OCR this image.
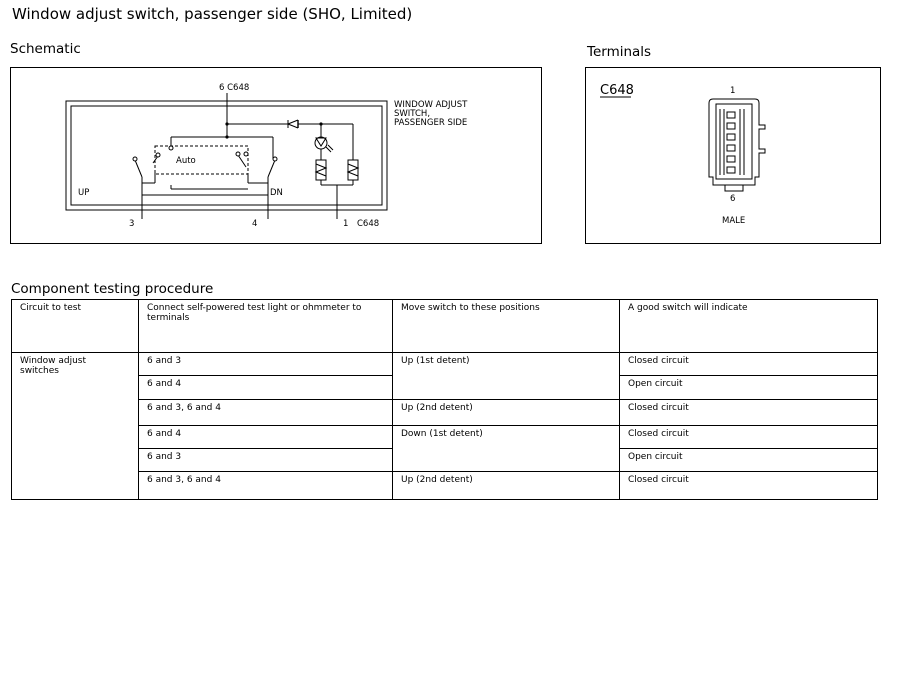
Window adjust switch, passenger side (SHO, Limited)
Schematic	Terminals
Component testing procedure
6 C648
WINDOW ADJUST
SWITCH,
PASSENGER SIDE
Auto
UP	DN
3	4	1 C648
C648	1
6
MALE
Circuit to test	Connect self-powered test light or ohmmeter to terminals	Move switch to these positions	A good switch will indicate
Window adjust switches	6 and 3	Up (1st detent)	Closed circuit
	6 and 4		Open circuit
	6 and 3, 6 and 4	Up (2nd detent)	Closed circuit
	6 and 4	Down (1st detent)	Closed circuit
	6 and 3		Open circuit
	6 and 3, 6 and 4	Up (2nd detent)	Closed circuit
